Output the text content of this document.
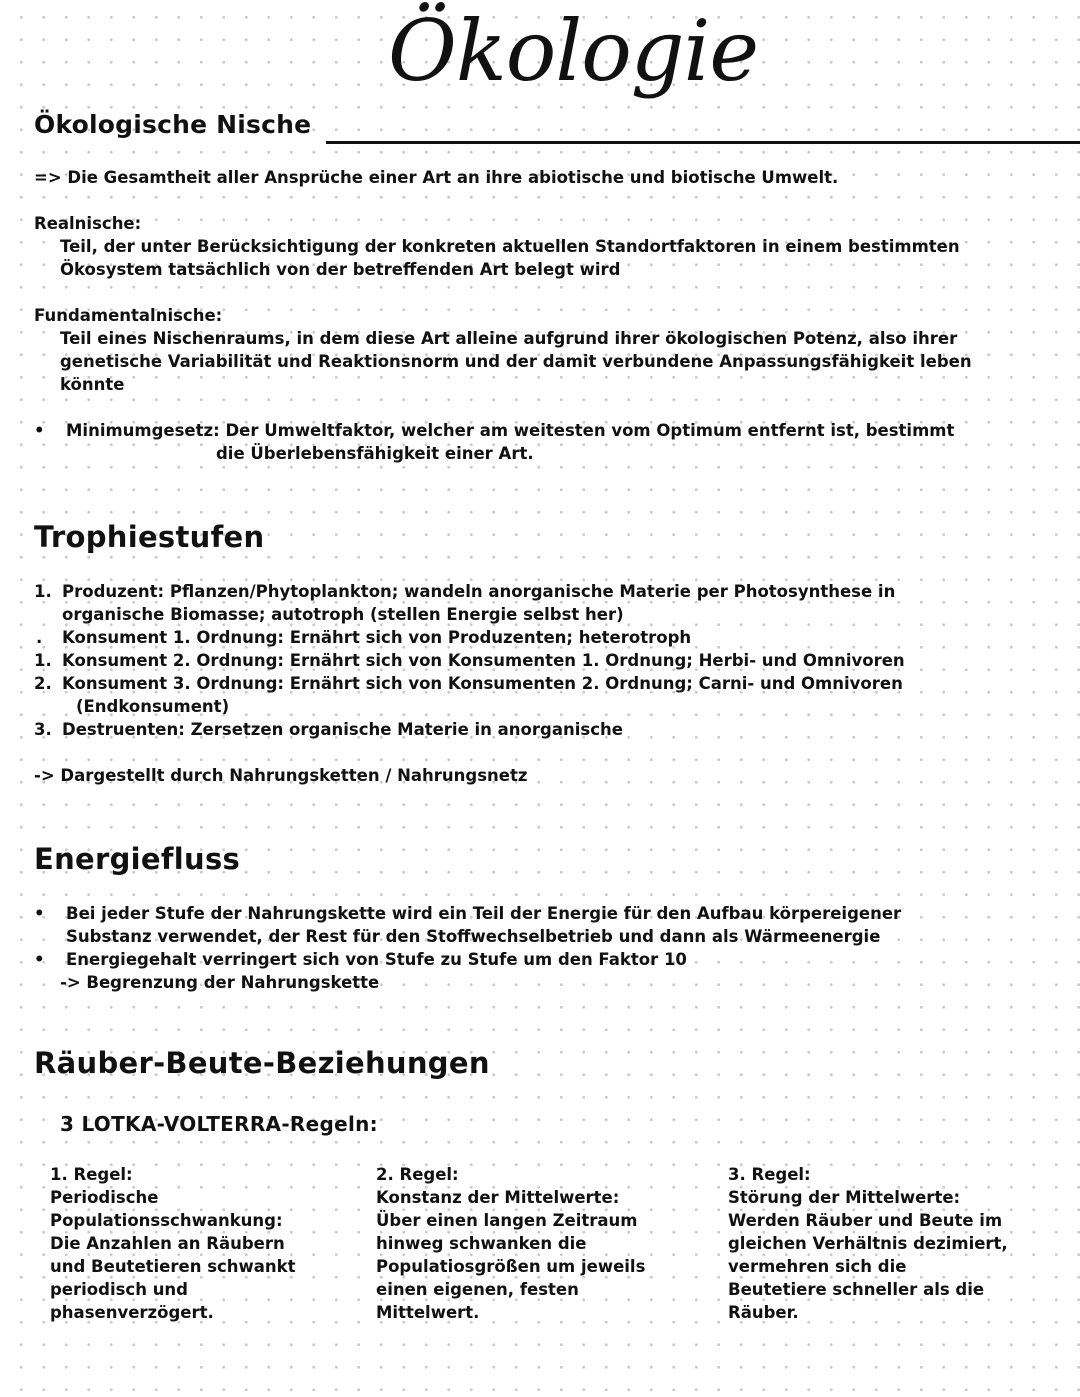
Ökologie
Ökologische Nische
=> Die Gesamtheit aller Ansprüche einer Art an ihre abiotische und biotische Umwelt.
Realnische:
Teil, der unter Berücksichtigung der konkreten aktuellen Standortfaktoren in einem bestimmten
Ökosystem tatsächlich von der betreffenden Art belegt wird
Fundamentalnische:
Teil eines Nischenraums, in dem diese Art alleine aufgrund ihrer ökologischen Potenz, also ihrer
genetische Variabilität und Reaktionsnorm und der damit verbundene Anpassungsfähigkeit leben
könnte
• Minimumgesetz: Der Umweltfaktor, welcher am weitesten vom Optimum entfernt ist, bestimmt
die Überlebensfähigkeit einer Art.
Trophiestufen
1. Produzent: Pflanzen/Phytoplankton; wandeln anorganische Materie per Photosynthese in
organische Biomasse; autotroph (stellen Energie selbst her)
. Konsument 1. Ordnung: Ernährt sich von Produzenten; heterotroph
1. Konsument 2. Ordnung: Ernährt sich von Konsumenten 1. Ordnung; Herbi- und Omnivoren
2. Konsument 3. Ordnung: Ernährt sich von Konsumenten 2. Ordnung; Carni- und Omnivoren
(Endkonsument)
3. Destruenten: Zersetzen organische Materie in anorganische
-> Dargestellt durch Nahrungsketten / Nahrungsnetz
Energiefluss
• Bei jeder Stufe der Nahrungskette wird ein Teil der Energie für den Aufbau körpereigener
Substanz verwendet, der Rest für den Stoffwechselbetrieb und dann als Wärmeenergie
• Energiegehalt verringert sich von Stufe zu Stufe um den Faktor 10
-> Begrenzung der Nahrungskette
Räuber-Beute-Beziehungen
3 LOTKA-VOLTERRA-Regeln:
1. Regel:
Periodische
Populationsschwankung:
Die Anzahlen an Räubern
und Beutetieren schwankt
periodisch und
phasenverzögert.
2. Regel:
Konstanz der Mittelwerte:
Über einen langen Zeitraum
hinweg schwanken die
Populatiosgrößen um jeweils
einen eigenen, festen
Mittelwert.
3. Regel:
Störung der Mittelwerte:
Werden Räuber und Beute im
gleichen Verhältnis dezimiert,
vermehren sich die
Beutetiere schneller als die
Räuber.
